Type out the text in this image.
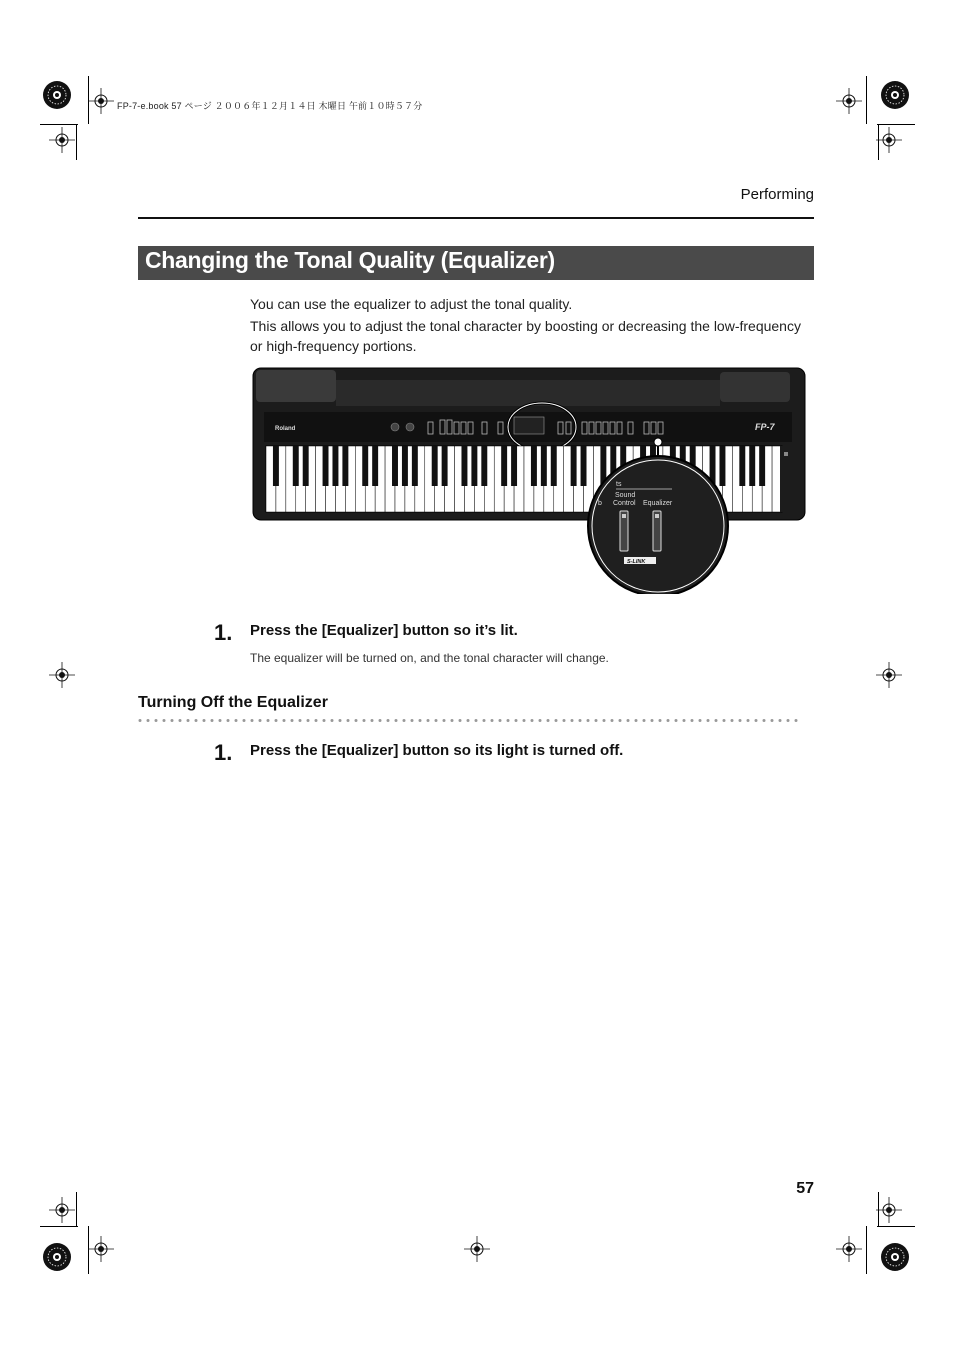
FP-7-e.book 57 ページ ２００６年１２月１４日 木曜日 午前１０時５７分
Performing
Changing the Tonal Quality (Equalizer)
You can use the equalizer to adjust the tonal quality.
This allows you to adjust the tonal character by boosting or decreasing the low-frequency
or high-frequency portions.
Roland	FP-7
ts
b
Sound
Control Equalizer
S-LINK
1. Press the [Equalizer] button so it’s lit.
The equalizer will be turned on, and the tonal character will change.
Turning Off the Equalizer
1. Press the [Equalizer] button so its light is turned off.
57
